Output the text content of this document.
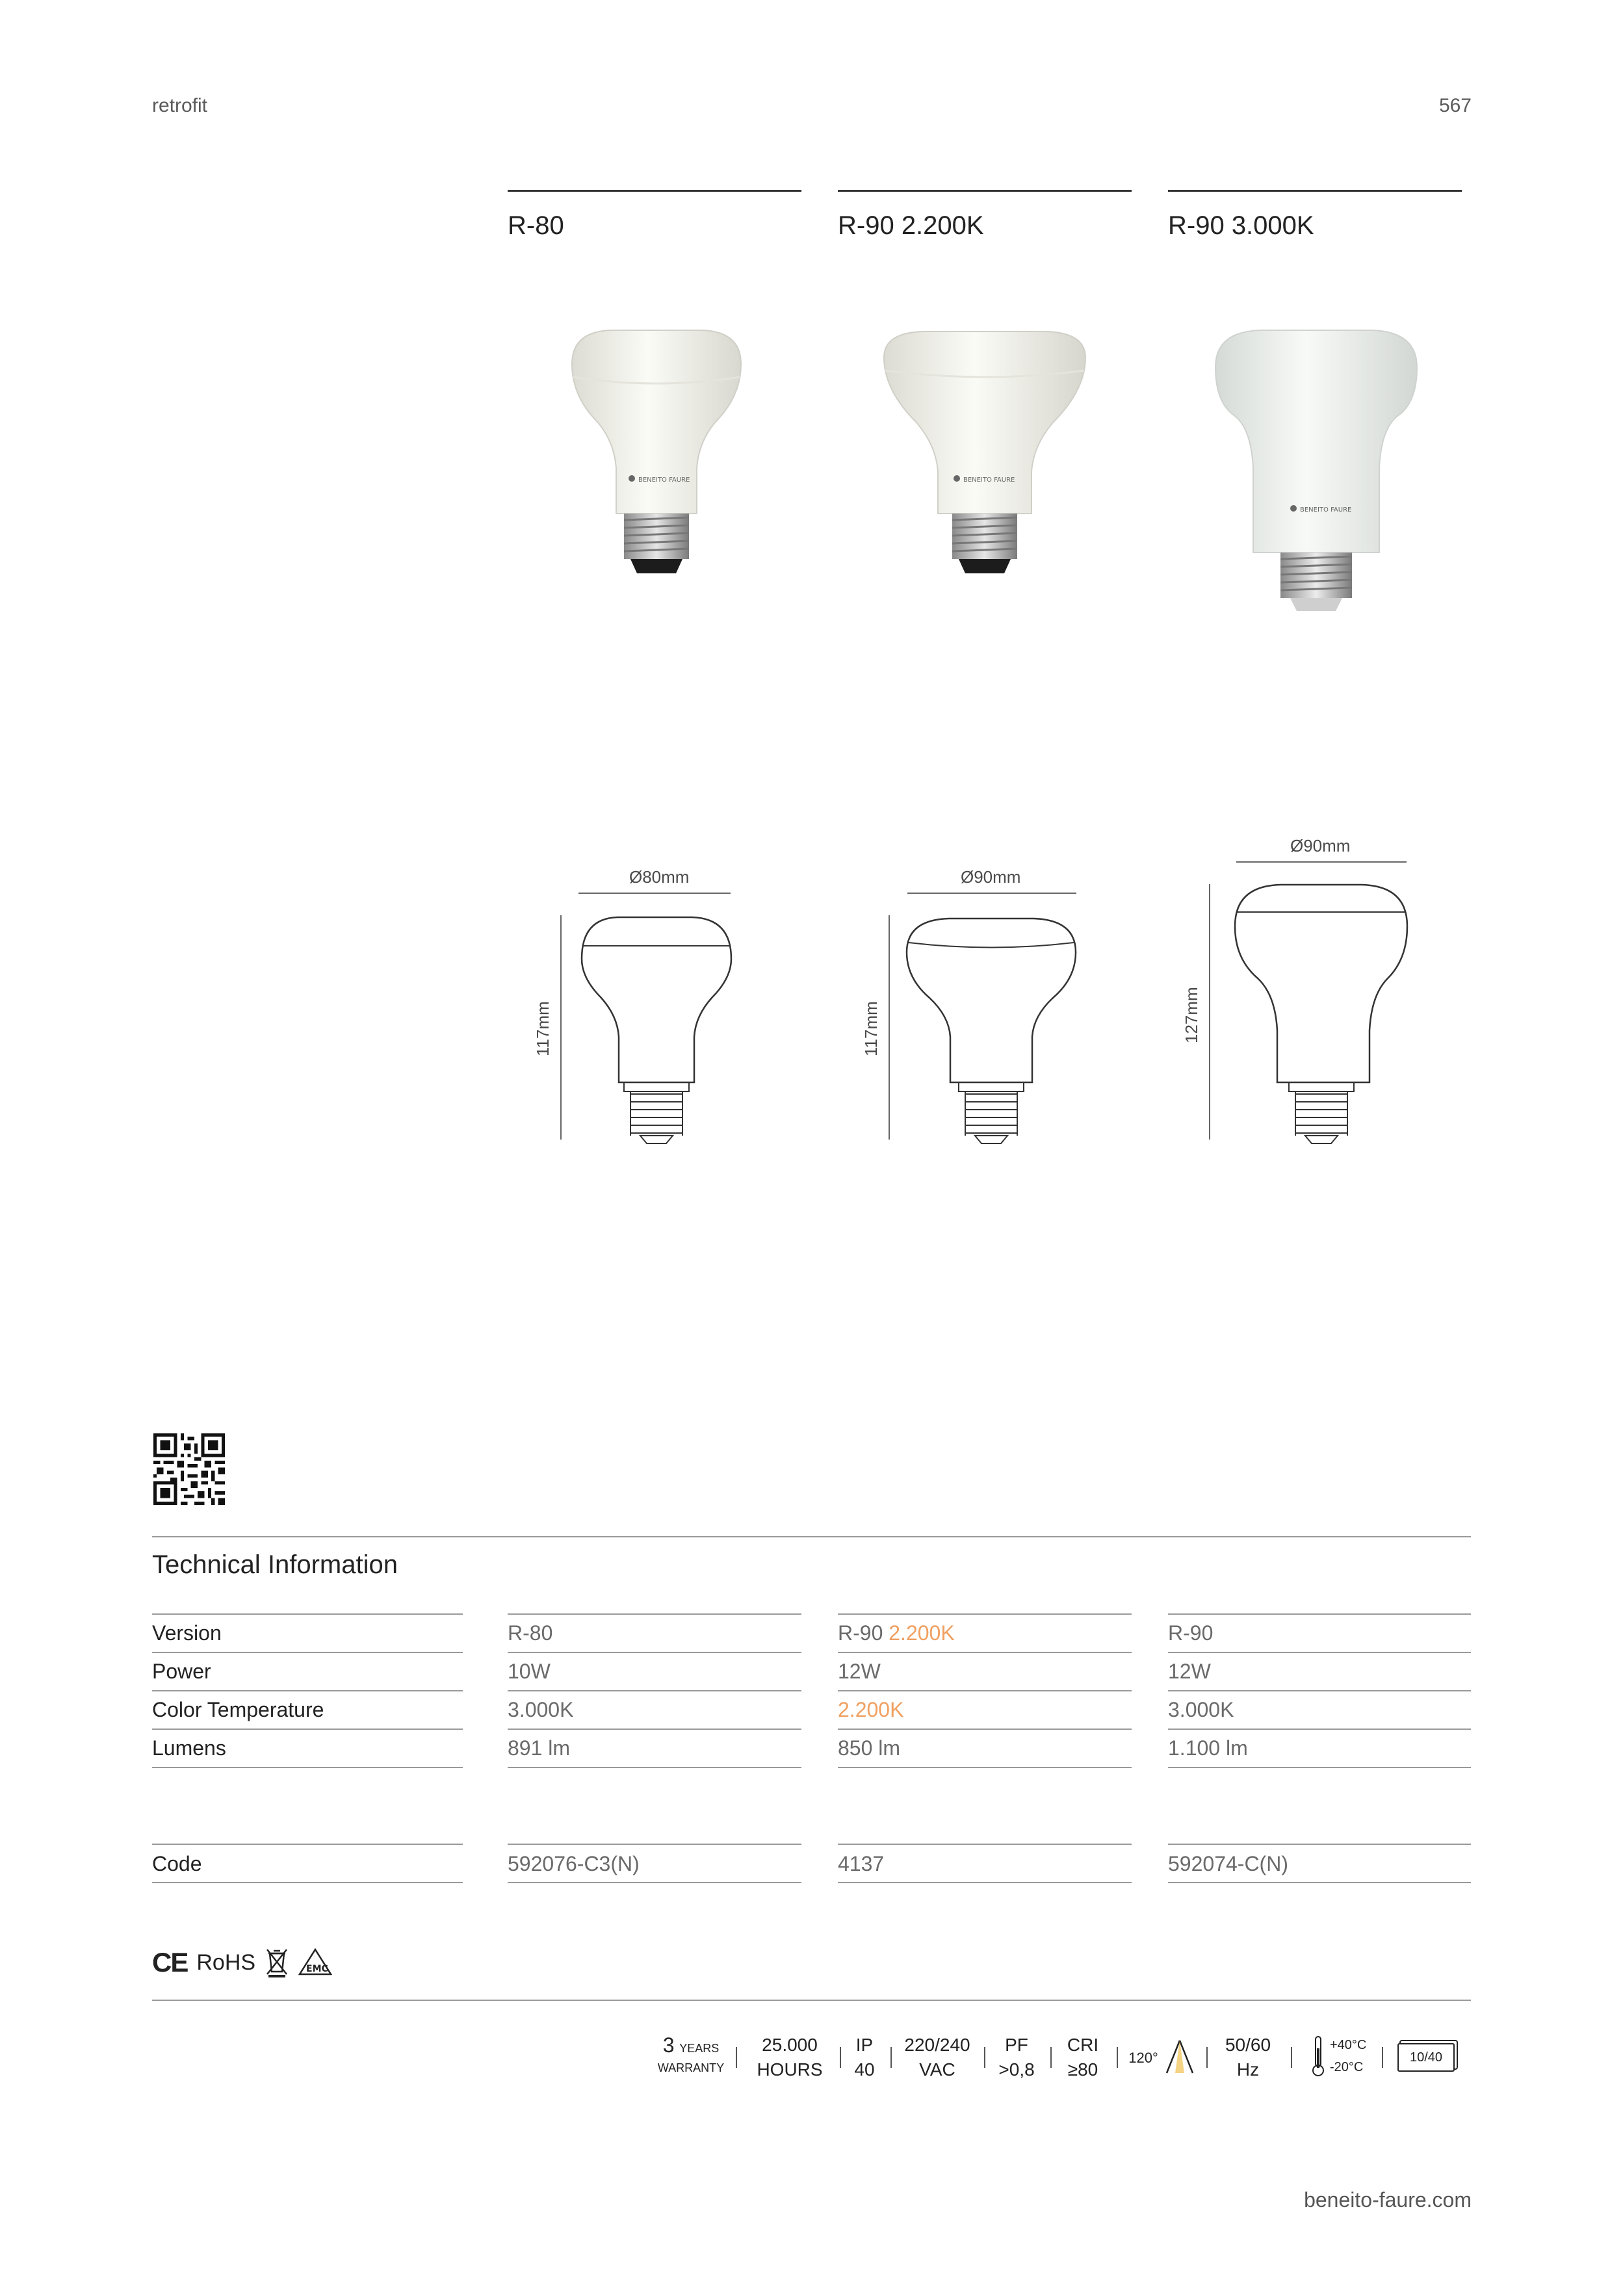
retrofit	567
R-80	R-90 2.200K	R-90 3.000K
BENEITO FAURE	BENEITO FAURE
BENEITO FAURE
Ø80mm
117mm
Ø90mm
117mm
Ø90mm
127mm
Technical Information
Version	R-80	R-90 2.200K	R-90
Power	10W	12W	12W
Color Temperature	3.000K	2.200K	3.000K
Lumens	891 lm	850 lm	1.100 lm
Code	592076-C3(N)	4137	592074-C(N)
CE RoHS	EMC
3 YEARS
WARRANTY
25.000
HOURS
IP
40
220/240
VAC
PF
>0,8
CRI
≥80
120°
50/60
Hz
+40°C
-20°C
10/40
beneito-faure.com
